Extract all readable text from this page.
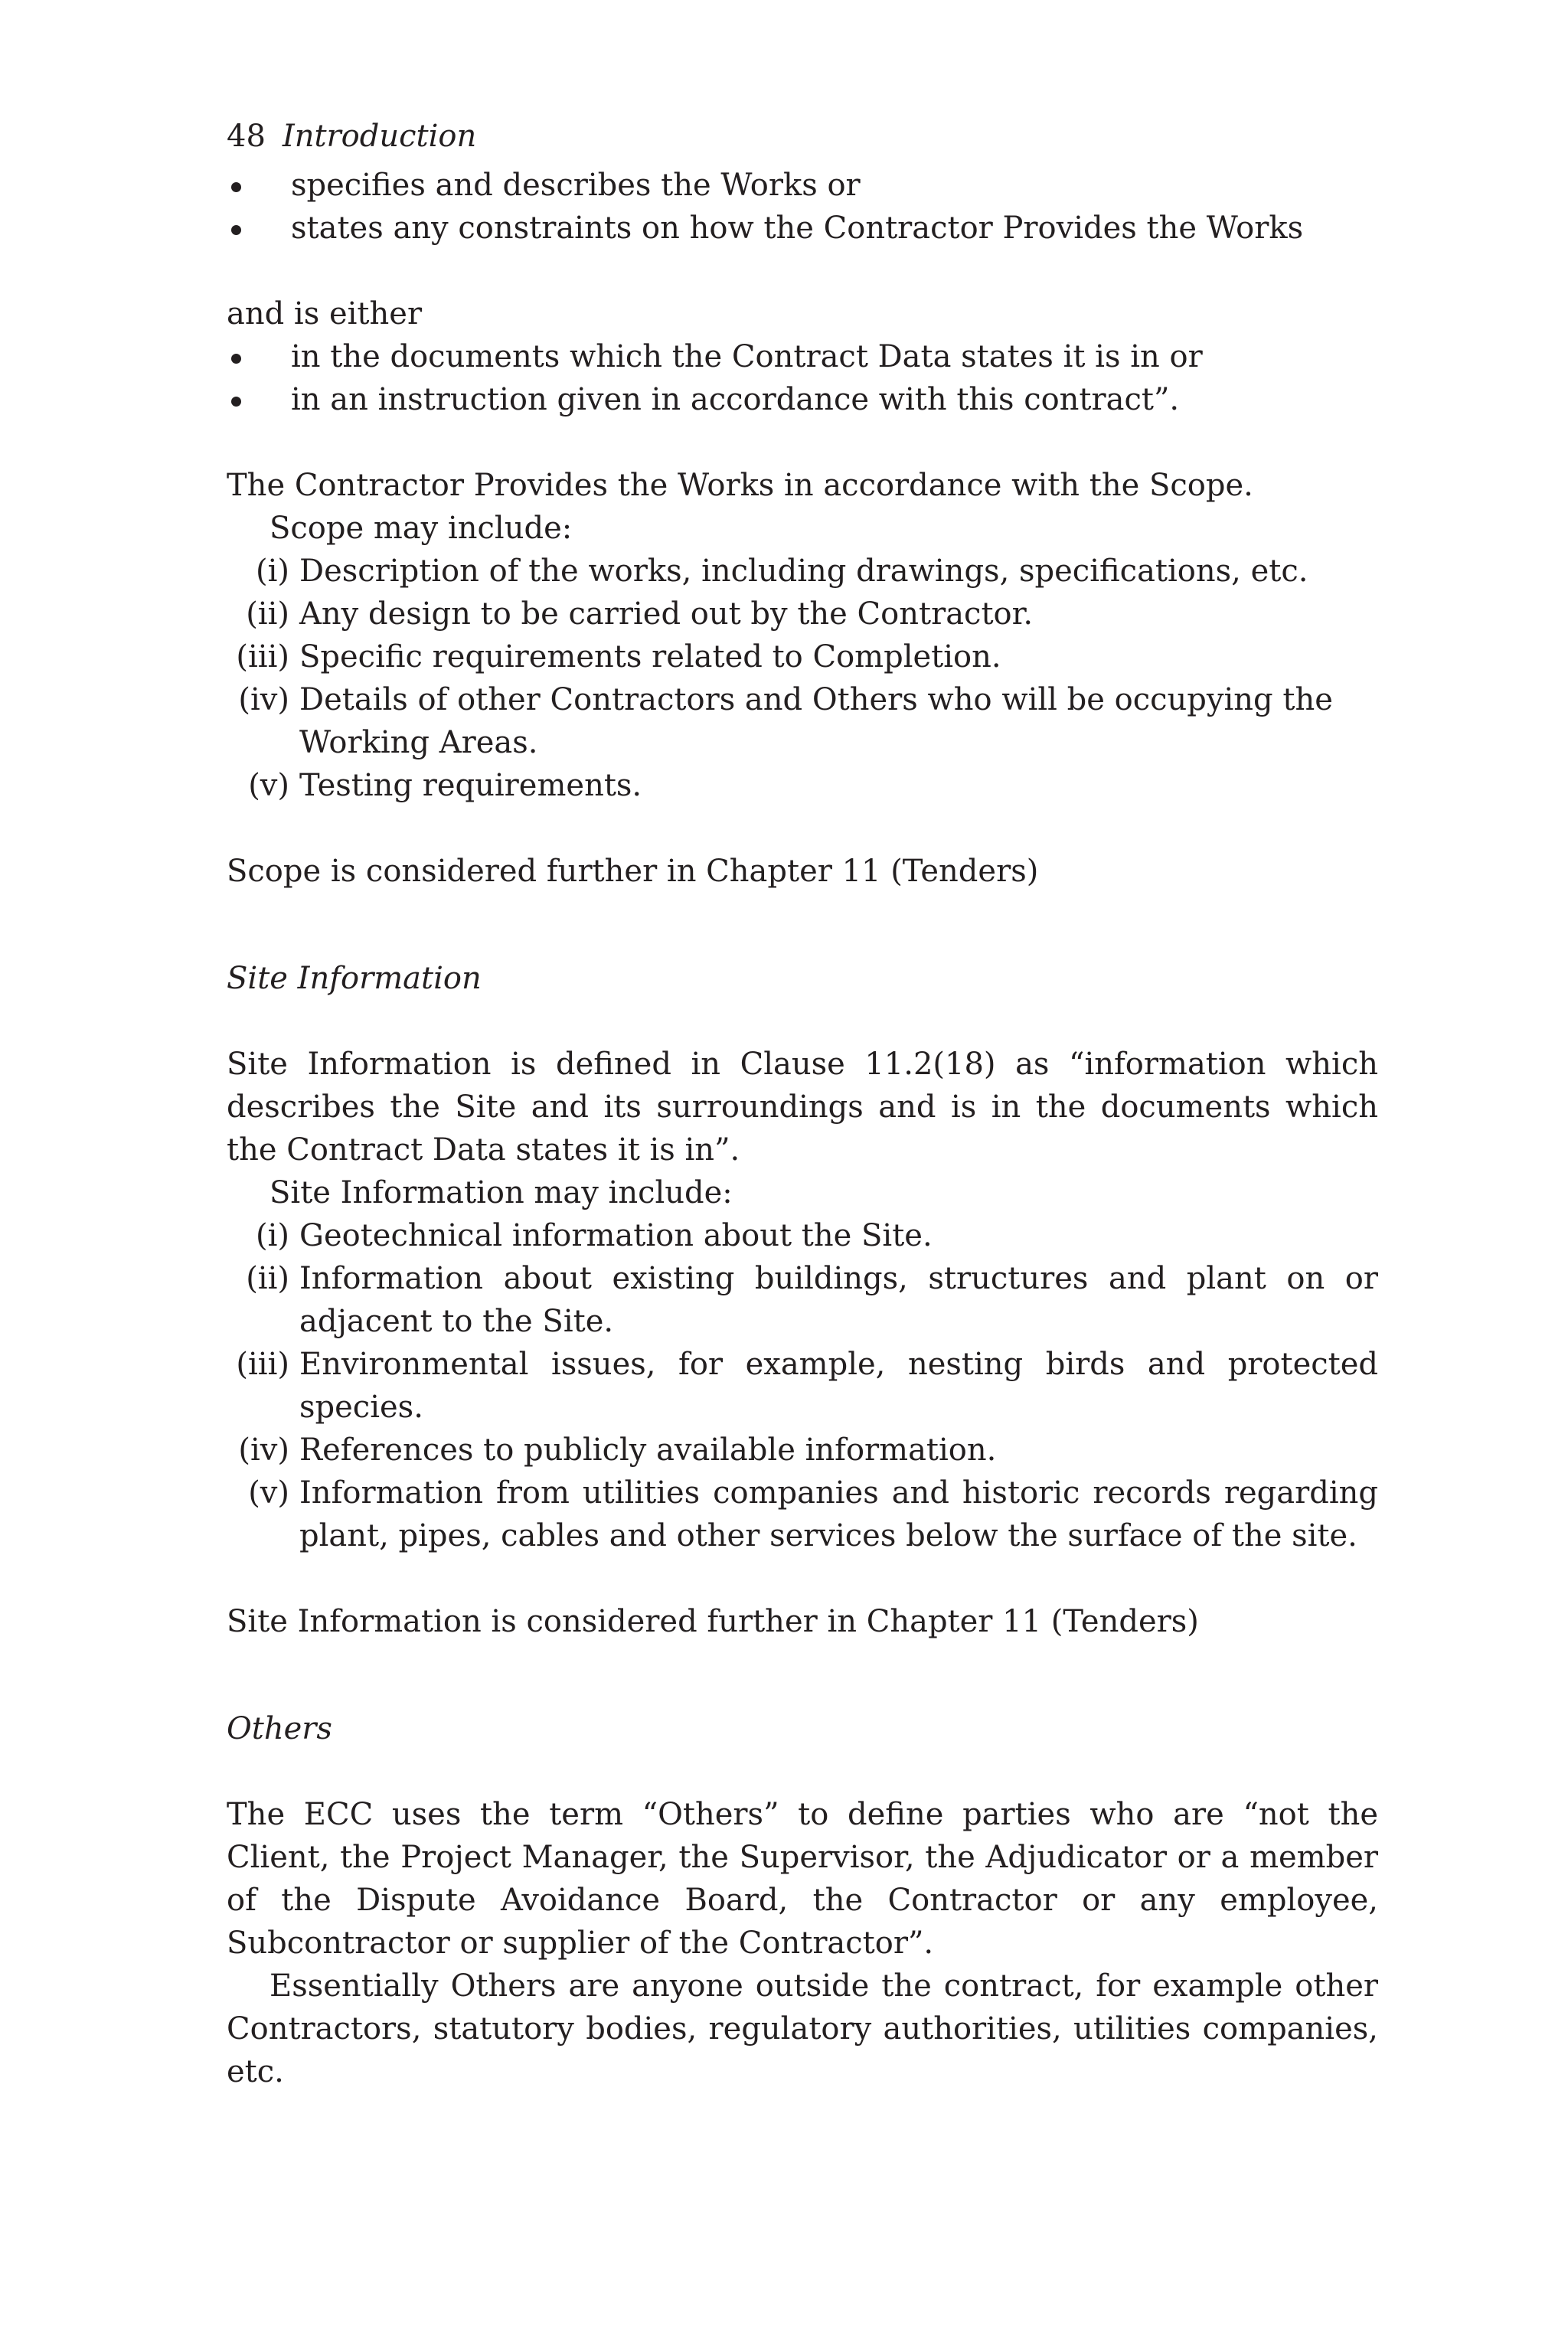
48 Introduction
specifies and describes the Works or
states any constraints on how the Contractor Provides the Works

and is either

in the documents which the Contract Data states it is in or
in an instruction given in accordance with this contract”.

The Contractor Provides the Works in accordance with the Scope.

Scope may include:

(i) Description of the works, including drawings, specifications, etc.
(ii) Any design to be carried out by the Contractor.
(iii) Specific requirements related to Completion.
(iv) Details of other Contractors and Others who will be occupying the Working Areas.
(v) Testing requirements.

Scope is considered further in Chapter 11 (Tenders)

Site Information

Site Information is defined in Clause 11.2(18) as “information which describes the Site and its surroundings and is in the documents which the Contract Data states it is in”.

Site Information may include:

(i) Geotechnical information about the Site.
(ii) Information about existing buildings, structures and plant on or adjacent to the Site.
(iii) Environmental issues, for example, nesting birds and protected species.
(iv) References to publicly available information.
(v) Information from utilities companies and historic records regarding plant, pipes, cables and other services below the surface of the site.

Site Information is considered further in Chapter 11 (Tenders)

Others

The ECC uses the term “Others” to define parties who are “not the Client, the Project Manager, the Supervisor, the Adjudicator or a member of the Dispute Avoidance Board, the Contractor or any employee, Subcontractor or supplier of the Contractor”.

Essentially Others are anyone outside the contract, for example other Contractors, statutory bodies, regulatory authorities, utilities companies, etc.
